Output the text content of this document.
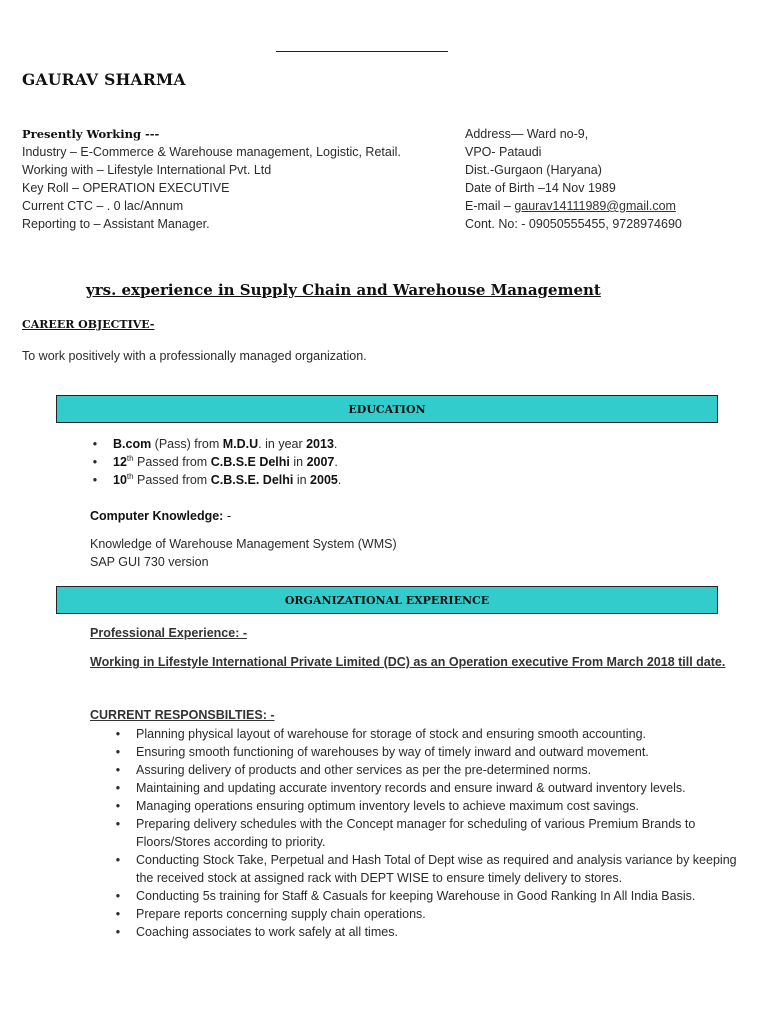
GAURAV SHARMA
Presently Working ---
Industry – E-Commerce & Warehouse management, Logistic, Retail.
Working with – Lifestyle International Pvt. Ltd
Key Roll – OPERATION EXECUTIVE
Current CTC – . 0 lac/Annum
Reporting to – Assistant Manager.
Address— Ward no-9,
VPO- Pataudi
Dist.-Gurgaon (Haryana)
Date of Birth –14 Nov 1989
E-mail – gaurav14111989@gmail.com
Cont. No: - 09050555455, 9728974690
yrs. experience in Supply Chain and Warehouse Management
CAREER OBJECTIVE-
To work positively with a professionally managed organization.
EDUCATION
• B.com (Pass) from M.D.U. in year 2013.
• 12th Passed from C.B.S.E Delhi in 2007.
• 10th Passed from C.B.S.E. Delhi in 2005.
Computer Knowledge: -
Knowledge of Warehouse Management System (WMS)
SAP GUI 730 version
ORGANIZATIONAL EXPERIENCE
Professional Experience: -
Working in Lifestyle International Private Limited (DC) as an Operation executive From March 2018 till date.
CURRENT RESPONSBILTIES: -
• Planning physical layout of warehouse for storage of stock and ensuring smooth accounting.
• Ensuring smooth functioning of warehouses by way of timely inward and outward movement.
• Assuring delivery of products and other services as per the pre-determined norms.
• Maintaining and updating accurate inventory records and ensure inward & outward inventory levels.
• Managing operations ensuring optimum inventory levels to achieve maximum cost savings.
• Preparing delivery schedules with the Concept manager for scheduling of various Premium Brands to Floors/Stores according to priority.
• Conducting Stock Take, Perpetual and Hash Total of Dept wise as required and analysis variance by keeping the received stock at assigned rack with DEPT WISE to ensure timely delivery to stores.
• Conducting 5s training for Staff & Casuals for keeping Warehouse in Good Ranking In All India Basis.
• Prepare reports concerning supply chain operations.
• Coaching associates to work safely at all times.
